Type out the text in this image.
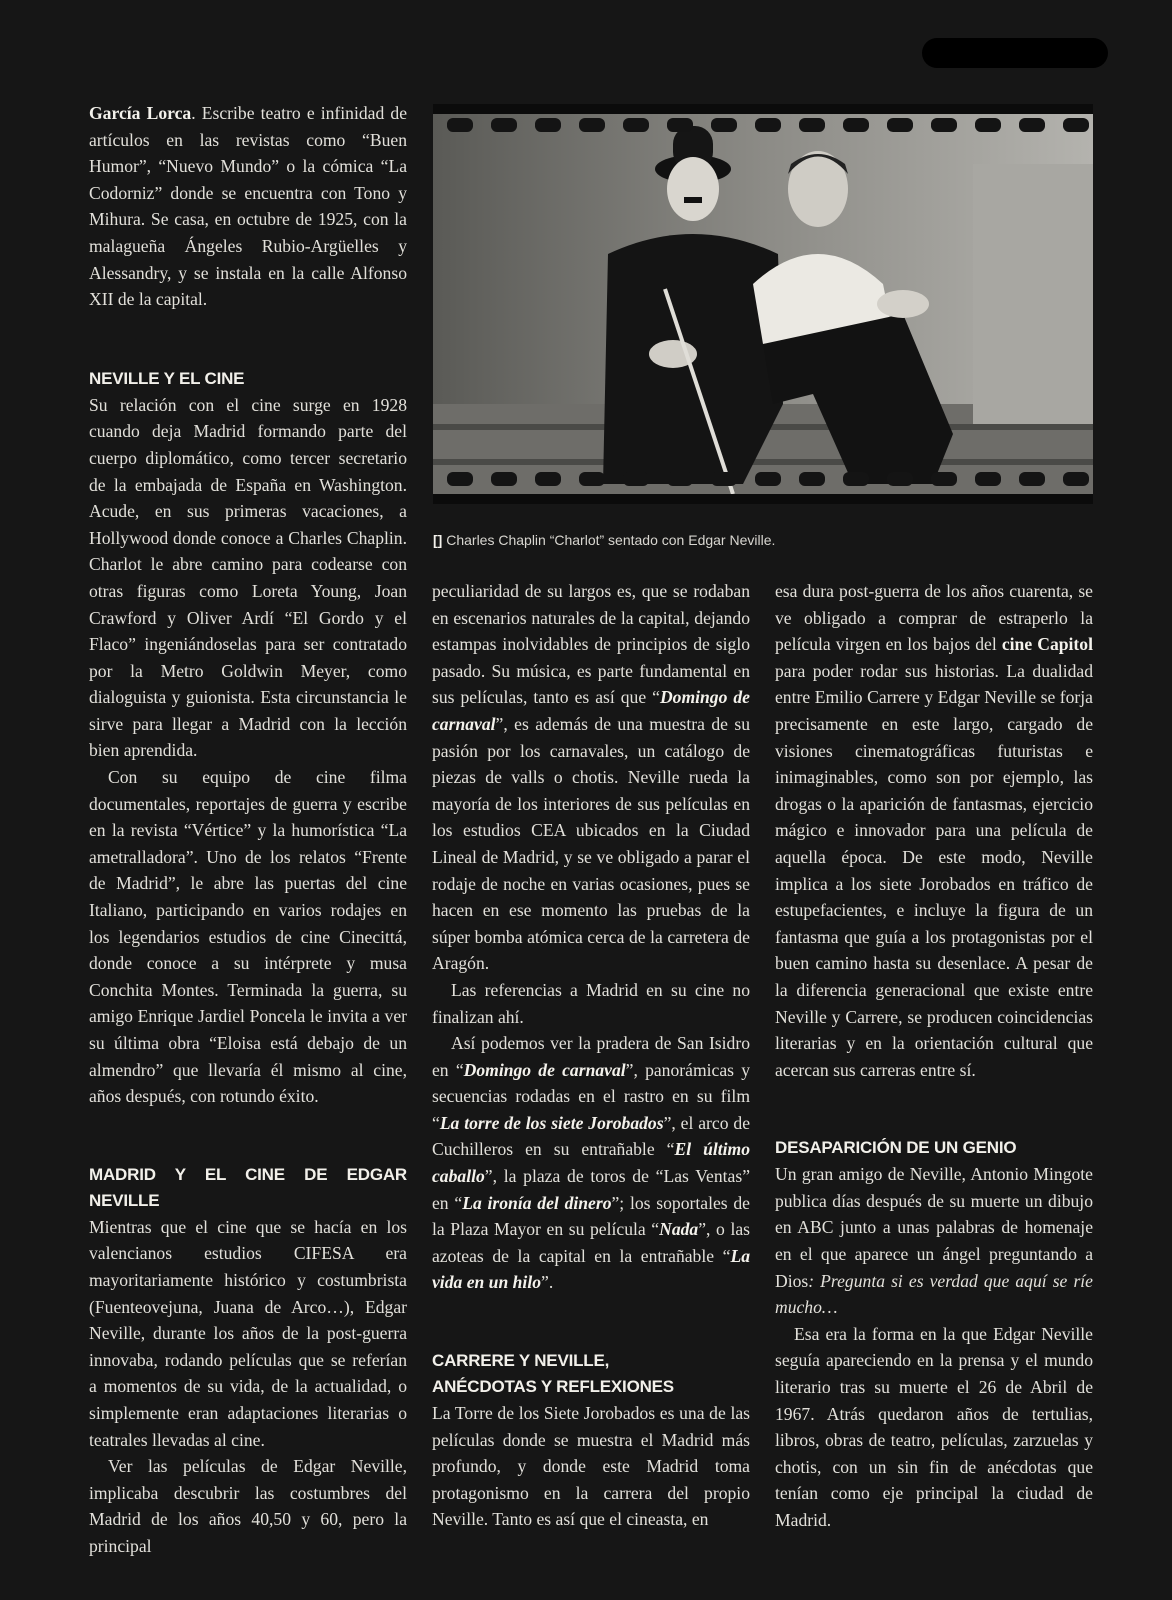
García Lorca. Escribe teatro e infinidad de artículos en las revistas como “Buen Humor”, “Nuevo Mundo” o la cómica “La Codorniz” donde se encuentra con Tono y Mihura. Se casa, en octubre de 1925, con la malagueña Ángeles Rubio-Argüelles y Alessandry, y se instala en la calle Alfonso XII de la capital.

NEVILLE Y EL CINE

Su relación con el cine surge en 1928 cuando deja Madrid formando parte del cuerpo diplomático, como tercer secretario de la embajada de España en Washington. Acude, en sus primeras vacaciones, a Hollywood donde conoce a Charles Chaplin. Charlot le abre camino para codearse con otras figuras como Loreta Young, Joan Crawford y Oliver Ardí “El Gordo y el Flaco” ingeniándoselas para ser contratado por la Metro Goldwin Meyer, como dialoguista y guionista. Esta circunstancia le sirve para llegar a Madrid con la lección bien aprendida.

Con su equipo de cine filma documentales, reportajes de guerra y escribe en la revista “Vértice” y la humorística “La ametralladora”. Uno de los relatos “Frente de Madrid”, le abre las puertas del cine Italiano, participando en varios rodajes en los legendarios estudios de cine Cinecittá, donde conoce a su intérprete y musa Conchita Montes. Terminada la guerra, su amigo Enrique Jardiel Poncela le invita a ver su última obra “Eloisa está debajo de un almendro” que llevaría él mismo al cine, años después, con rotundo éxito.

MADRID Y EL CINE DE EDGAR NEVILLE

Mientras que el cine que se hacía en los valencianos estudios CIFESA era mayoritariamente histórico y costumbrista (Fuenteovejuna, Juana de Arco…), Edgar Neville, durante los años de la post-guerra innovaba, rodando películas que se referían a momentos de su vida, de la actualidad, o simplemente eran adaptaciones literarias o teatrales llevadas al cine.

Ver las películas de Edgar Neville, implicaba descubrir las costumbres del Madrid de los años 40,50 y 60, pero la principal

[] Charles Chaplin “Charlot” sentado con Edgar Neville.

peculiaridad de su largos es, que se rodaban en escenarios naturales de la capital, dejando estampas inolvidables de principios de siglo pasado. Su música, es parte fundamental en sus películas, tanto es así que “Domingo de carnaval”, es además de una muestra de su pasión por los carnavales, un catálogo de piezas de valls o chotis. Neville rueda la mayoría de los interiores de sus películas en los estudios CEA ubicados en la Ciudad Lineal de Madrid, y se ve obligado a parar el rodaje de noche en varias ocasiones, pues se hacen en ese momento las pruebas de la súper bomba atómica cerca de la carretera de Aragón.

Las referencias a Madrid en su cine no finalizan ahí.

Así podemos ver la pradera de San Isidro en “Domingo de carnaval”, panorámicas y secuencias rodadas en el rastro en su film “La torre de los siete Jorobados”, el arco de Cuchilleros en su entrañable “El último caballo”, la plaza de toros de “Las Ventas” en “La ironía del dinero”; los soportales de la Plaza Mayor en su película “Nada”, o las azoteas de la capital en la entrañable “La vida en un hilo”.

CARRERE Y NEVILLE,
ANÉCDOTAS Y REFLEXIONES

La Torre de los Siete Jorobados es una de las películas donde se muestra el Madrid más profundo, y donde este Madrid toma protagonismo en la carrera del propio Neville. Tanto es así que el cineasta, en

esa dura post-guerra de los años cuarenta, se ve obligado a comprar de estraperlo la película virgen en los bajos del cine Capitol para poder rodar sus historias. La dualidad entre Emilio Carrere y Edgar Neville se forja precisamente en este largo, cargado de visiones cinematográficas futuristas e inimaginables, como son por ejemplo, las drogas o la aparición de fantasmas, ejercicio mágico e innovador para una película de aquella época. De este modo, Neville implica a los siete Jorobados en tráfico de estupefacientes, e incluye la figura de un fantasma que guía a los protagonistas por el buen camino hasta su desenlace. A pesar de la diferencia generacional que existe entre Neville y Carrere, se producen coincidencias literarias y en la orientación cultural que acercan sus carreras entre sí.

DESAPARICIÓN DE UN GENIO

Un gran amigo de Neville, Antonio Mingote publica días después de su muerte un dibujo en ABC junto a unas palabras de homenaje en el que aparece un ángel preguntando a Dios: Pregunta si es verdad que aquí se ríe mucho…

Esa era la forma en la que Edgar Neville seguía apareciendo en la prensa y el mundo literario tras su muerte el 26 de Abril de 1967. Atrás quedaron años de tertulias, libros, obras de teatro, películas, zarzuelas y chotis, con un sin fin de anécdotas que tenían como eje principal la ciudad de Madrid.
